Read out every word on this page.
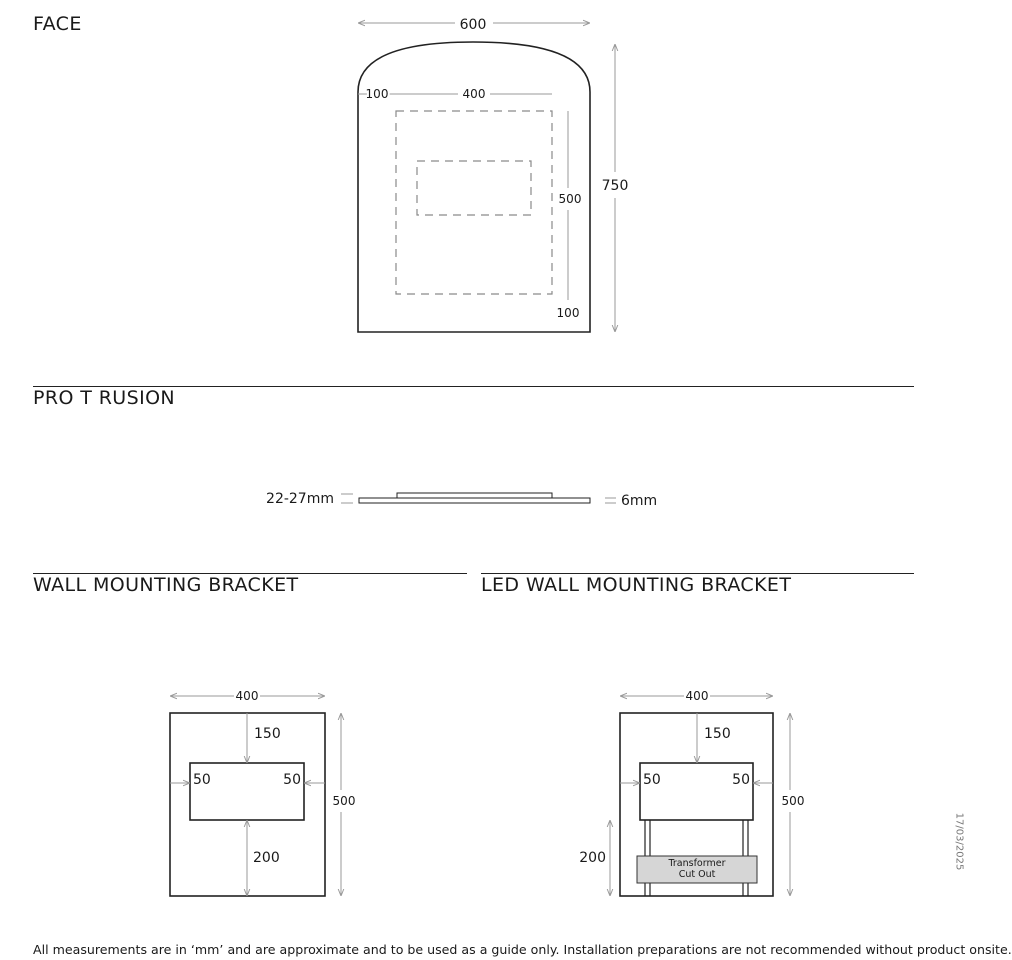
FACE
PRO T RUSION
WALL MOUNTING BRACKET	LED WALL MOUNTING BRACKET
600
750
100	400
500
100
22-27mm	6mm
400
500
150
50	50
200	Transformer
Cut Out
400
500
150
50	50
200	17/03/2025
All measurements are in ‘mm’ and are approximate and to be used as a guide only. Installation preparations are not recommended without product onsite.
